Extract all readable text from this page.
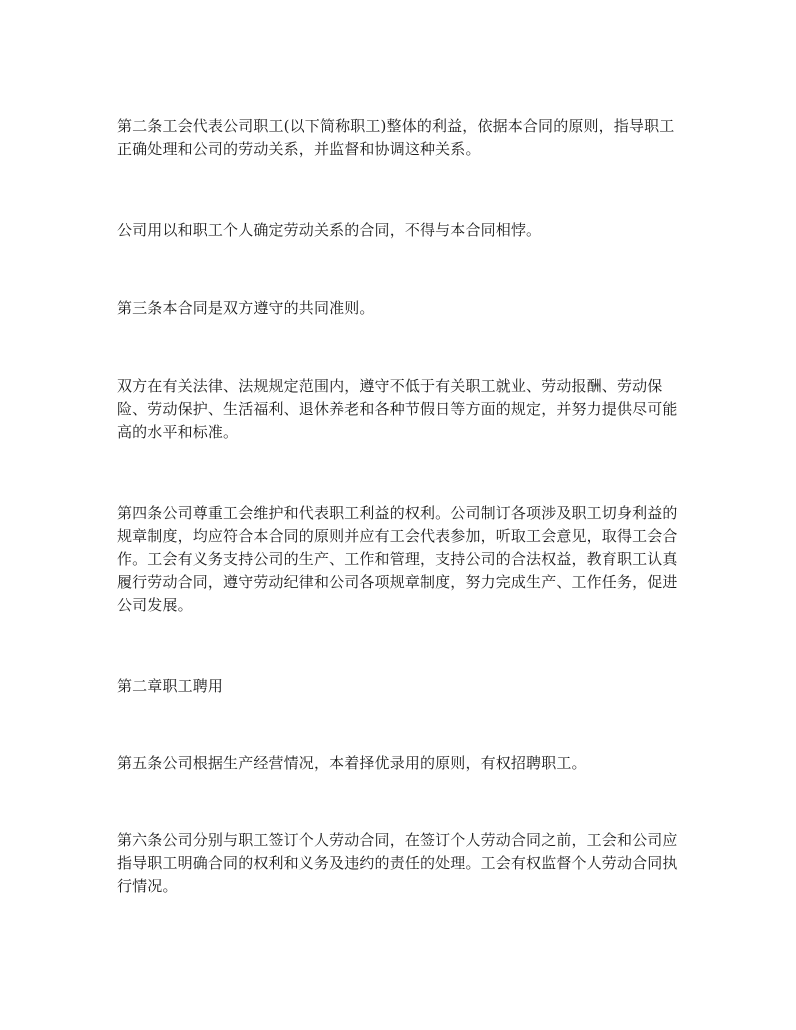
第二条工会代表公司职工(以下简称职工)整体的利益，依据本合同的原则，指导职工正确处理和公司的劳动关系，并监督和协调这种关系。

公司用以和职工个人确定劳动关系的合同，不得与本合同相悖。

第三条本合同是双方遵守的共同准则。

双方在有关法律、法规规定范围内，遵守不低于有关职工就业、劳动报酬、劳动保险、劳动保护、生活福利、退休养老和各种节假日等方面的规定，并努力提供尽可能高的水平和标准。

第四条公司尊重工会维护和代表职工利益的权利。公司制订各项涉及职工切身利益的规章制度，均应符合本合同的原则并应有工会代表参加，听取工会意见，取得工会合作。工会有义务支持公司的生产、工作和管理，支持公司的合法权益，教育职工认真履行劳动合同，遵守劳动纪律和公司各项规章制度，努力完成生产、工作任务，促进公司发展。

第二章职工聘用

第五条公司根据生产经营情况，本着择优录用的原则，有权招聘职工。

第六条公司分别与职工签订个人劳动合同，在签订个人劳动合同之前，工会和公司应指导职工明确合同的权利和义务及违约的责任的处理。工会有权监督个人劳动合同执行情况。
